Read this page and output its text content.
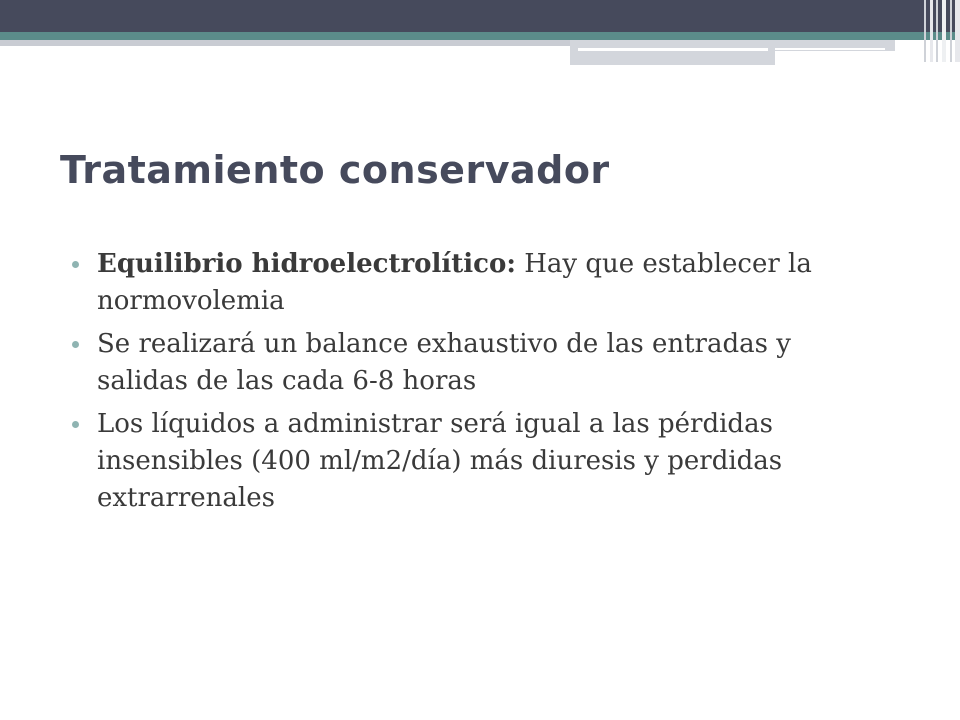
Tratamiento conservador
Equilibrio hidroelectrolítico: Hay que establecer la normovolemia
Se realizará un balance exhaustivo de las entradas y salidas de las cada 6-8 horas
Los líquidos a administrar será igual a las pérdidas insensibles (400 ml/m2/día) más diuresis y perdidas extrarrenales
